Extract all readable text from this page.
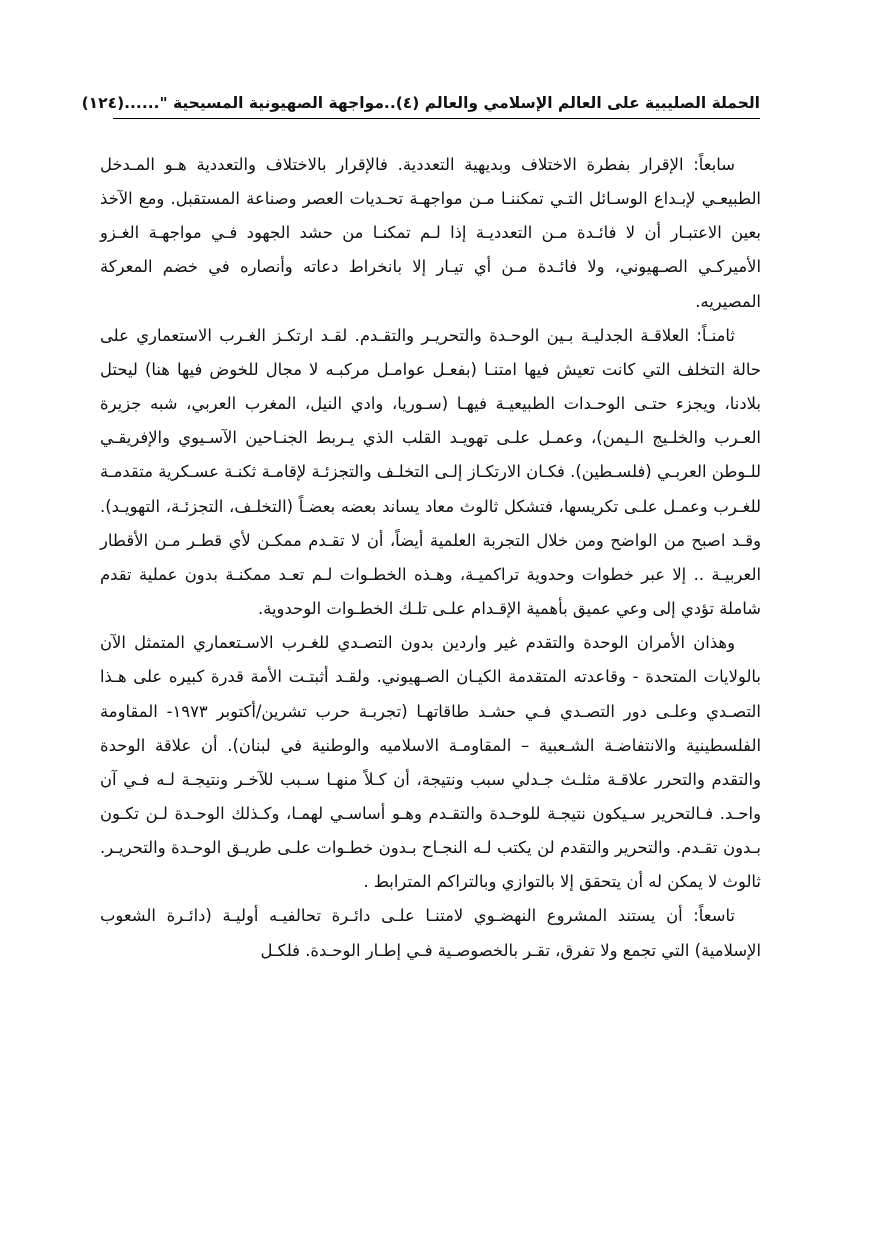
الحملة الصليبية على العالم الإسلامي والعالم (٤)..مواجهة الصهيونية المسيحية "......
(١٢٤)

سابعاً: الإقرار بفطرة الاختلاف وبديهية التعددية. فالإقرار بالاختلاف والتعددية هـو المـدخل الطبيعـي لإبـداع الوسـائل التـي تمكننـا مـن مواجهـة تحـديات العصر وصناعة المستقبل. ومع الآخذ بعين الاعتبـار أن لا فائـدة مـن التعدديـة إذا لـم تمكنـا من حشد الجهود فـي مواجهـة الغـزو الأميركـي الصـهيوني، ولا فائـدة مـن أي تيـار إلا بانخراط دعاته وأنصاره في خضم المعركة المصيريه.

ثامنـاً: العلاقـة الجدليـة بـين الوحـدة والتحريـر والتقـدم. لقـد ارتكـز الغـرب الاستعماري على حالة التخلف التي كانت تعيش فيها امتنـا (بفعـل عوامـل مركبـه لا مجال للخوض فيها هنا) ليحتل بلادنا، ويجزء حتـى الوحـدات الطبيعيـة فيهـا (سـوريا، وادي النيل، المغرب العربي، شبه جزيرة العـرب والخلـيج الـيمن)، وعمـل علـى تهويـد القلب الذي يـربط الجنـاحين الآسـيوي والإفريقـي للـوطن العربـي (فلسـطين). فكـان الارتكـاز إلـى التخلـف والتجزئـة لإقامـة ثكنـة عسـكرية متقدمـة للغـرب وعمـل علـى تكريسها، فتشكل ثالوث معاد يساند بعضه بعضـاً (التخلـف، التجزئـة، التهويـد). وقـد اصبح من الواضح ومن خلال التجربة العلمية أيضاً، أن لا تقـدم ممكـن لأي قطـر مـن الأقطار العربيـة .. إلا عبر خطوات وحدوية تراكميـة، وهـذه الخطـوات لـم تعـد ممكنـة بدون عملية تقدم شاملة تؤدي إلى وعي عميق بأهمية الإقـدام علـى تلـك الخطـوات الوحدوية.

وهذان الأمران الوحدة والتقدم غير واردين بدون التصـدي للغـرب الاسـتعماري المتمثل الآن بالولايات المتحدة - وقاعدته المتقدمة الكيـان الصـهيوني. ولقـد أثبتـت الأمة قدرة كبيره على هـذا التصـدي وعلـى دور التصـدي فـي حشـد طاقاتهـا (تجربـة حرب تشرين/أكتوبر ١٩٧٣- المقاومة الفلسطينية والانتفاضـة الشـعبية – المقاومـة الاسلاميه والوطنية في لبنان). أن علاقة الوحدة والتقدم والتحرر علاقـة مثلـث جـدلي سبب ونتيجة، أن كـلاً منهـا سـبب للآخـر ونتيجـة لـه فـي آن واحـد. فـالتحرير سـيكون نتيجـة للوحـدة والتقـدم وهـو أساسـي لهمـا، وكـذلك الوحـدة لـن تكـون بـدون تقـدم. والتحرير والتقدم لن يكتب لـه النجـاح بـدون خطـوات علـى طريـق الوحـدة والتحريـر. ثالوث لا يمكن له أن يتحقق إلا بالتوازي وبالتراكم المترابط .

تاسعاً: أن يستند المشروع النهضـوي لامتنـا علـى دائـرة تحالفيـه أوليـة (دائـرة الشعوب الإسلامية) التي تجمع ولا تفرق، تقـر بالخصوصـية فـي إطـار الوحـدة. فلكـل
